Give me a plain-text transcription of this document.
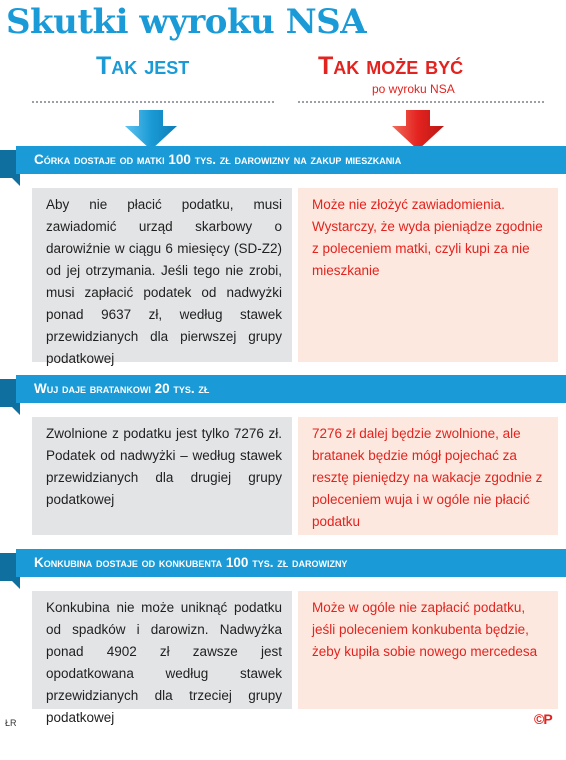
Skutki wyroku NSA
Tak jest	Tak może być
po wyroku NSA
Córka dostaje od matki 100 tys. zł darowizny na zakup mieszkania
Aby nie płacić podatku, musi zawiadomić urząd skarbowy o darowiźnie w ciągu 6 miesięcy (SD-Z2) od jej otrzymania. Jeśli tego nie zrobi, musi zapłacić podatek od nadwyżki ponad 9637 zł, według stawek przewidzianych dla pierwszej grupy podatkowej
Może nie złożyć zawiadomienia. Wystarczy, że wyda pieniądze zgodnie z poleceniem matki, czyli kupi za nie mieszkanie
Wuj daje bratankowi 20 tys. zł
Zwolnione z podatku jest tylko 7276 zł. Podatek od nadwyżki – według stawek przewidzianych dla drugiej grupy podatkowej
7276 zł dalej będzie zwolnione, ale bratanek będzie mógł pojechać za resztę pieniędzy na wakacje zgodnie z poleceniem wuja i w ogóle nie płacić podatku
Konkubina dostaje od konkubenta 100 tys. zł darowizny
Konkubina nie może uniknąć podatku od spadków i darowizn. Nadwyżka ponad 4902 zł zawsze jest opodatkowana według stawek przewidzianych dla trzeciej grupy podatkowej
Może w ogóle nie zapłacić podatku, jeśli poleceniem konkubenta będzie, żeby kupiła sobie nowego mercedesa
ŁR	©P
